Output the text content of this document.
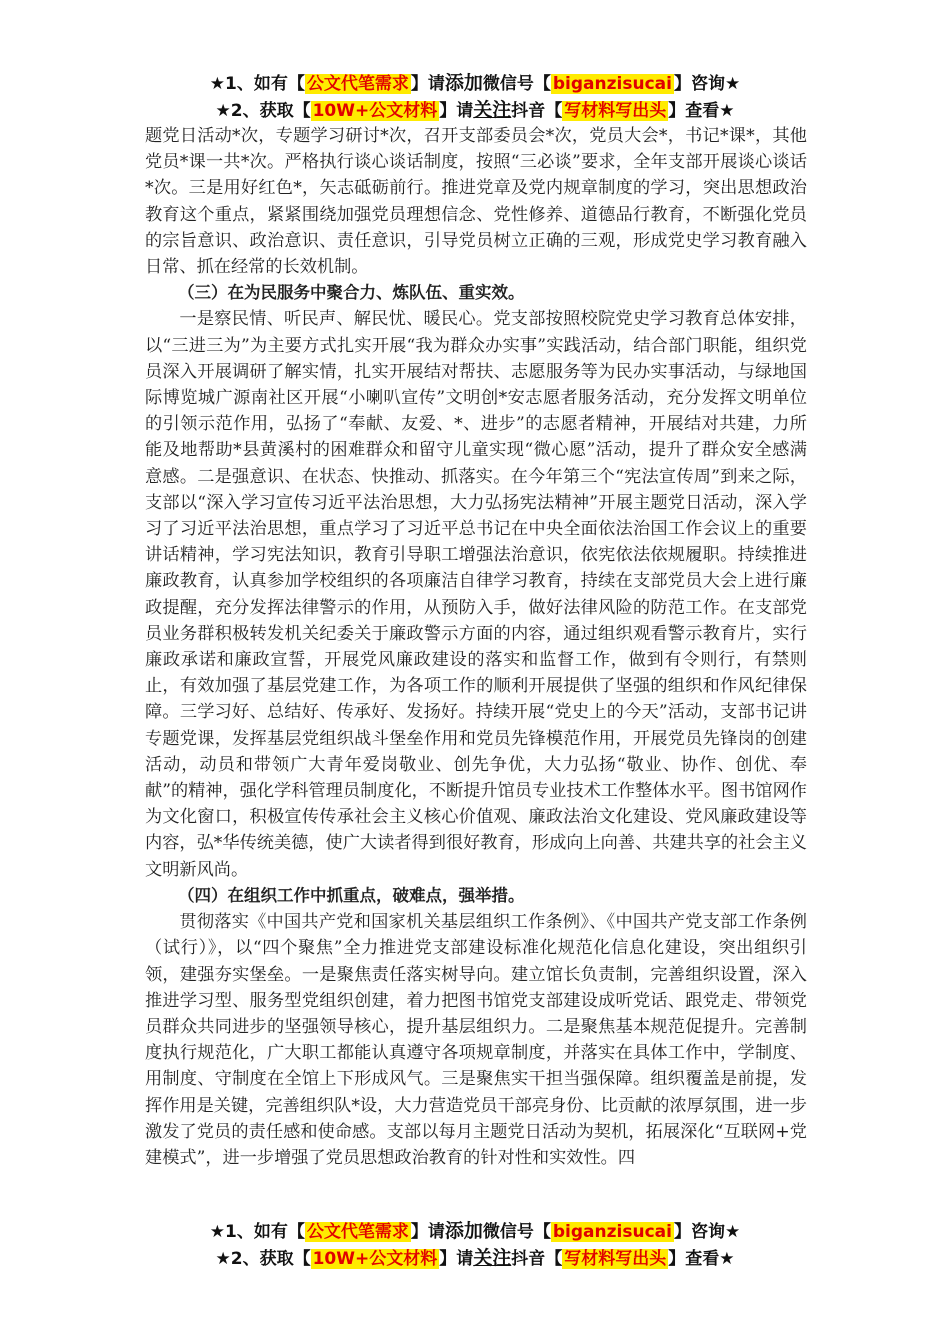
★1、如有【 公文代笔需求 】请添加微信号【 biganzisucai 】咨询★
★2、获取【 10W+公文材料 】请关注抖音【 写材料写出头 】查看★

题党日活动*次，专题学习研讨*次，召开支部委员会*次，党员大会*，书记*课*，其他党员*课一共*次。严格执行谈心谈话制度，按照“三必谈”要求，全年支部开展谈心谈话*次。三是用好红色*，矢志砥砺前行。推进党章及党内规章制度的学习，突出思想政治教育这个重点，紧紧围绕加强党员理想信念、党性修养、道德品行教育，不断强化党员的宗旨意识、政治意识、责任意识，引导党员树立正确的三观，形成党史学习教育融入日常、抓在经常的长效机制。

（三）在为民服务中聚合力、炼队伍、重实效。

一是察民情、听民声、解民忧、暖民心。党支部按照校院党史学习教育总体安排，以“三进三为”为主要方式扎实开展“我为群众办实事”实践活动，结合部门职能，组织党员深入开展调研了解实情，扎实开展结对帮扶、志愿服务等为民办实事活动，与绿地国际博览城广源南社区开展“小喇叭宣传”文明创*安志愿者服务活动，充分发挥文明单位的引领示范作用，弘扬了“奉献、友爱、*、进步”的志愿者精神，开展结对共建，力所能及地帮助*县黄溪村的困难群众和留守儿童实现“微心愿”活动，提升了群众安全感满意感。二是强意识、在状态、快推动、抓落实。在今年第三个“宪法宣传周”到来之际，支部以“深入学习宣传习近平法治思想，大力弘扬宪法精神”开展主题党日活动，深入学习了习近平法治思想，重点学习了习近平总书记在中央全面依法治国工作会议上的重要讲话精神，学习宪法知识，教育引导职工增强法治意识，依宪依法依规履职。持续推进廉政教育，认真参加学校组织的各项廉洁自律学习教育，持续在支部党员大会上进行廉政提醒，充分发挥法律警示的作用，从预防入手，做好法律风险的防范工作。在支部党员业务群积极转发机关纪委关于廉政警示方面的内容，通过组织观看警示教育片，实行廉政承诺和廉政宣誓，开展党风廉政建设的落实和监督工作，做到有令则行，有禁则止，有效加强了基层党建工作，为各项工作的顺利开展提供了坚强的组织和作风纪律保障。三学习好、总结好、传承好、发扬好。持续开展“党史上的今天”活动，支部书记讲专题党课，发挥基层党组织战斗堡垒作用和党员先锋模范作用，开展党员先锋岗的创建活动，动员和带领广大青年爱岗敬业、创先争优，大力弘扬“敬业、协作、创优、奉献”的精神，强化学科管理员制度化，不断提升馆员专业技术工作整体水平。图书馆网作为文化窗口，积极宣传传承社会主义核心价值观、廉政法治文化建设、党风廉政建设等内容，弘*华传统美德，使广大读者得到很好教育，形成向上向善、共建共享的社会主义文明新风尚。

（四）在组织工作中抓重点，破难点，强举措。

贯彻落实《中国共产党和国家机关基层组织工作条例》、《中国共产党支部工作条例（试行）》，以“四个聚焦”全力推进党支部建设标准化规范化信息化建设，突出组织引领，建强夯实堡垒。一是聚焦责任落实树导向。建立馆长负责制，完善组织设置，深入推进学习型、服务型党组织创建，着力把图书馆党支部建设成听党话、跟党走、带领党员群众共同进步的坚强领导核心，提升基层组织力。二是聚焦基本规范促提升。完善制度执行规范化，广大职工都能认真遵守各项规章制度，并落实在具体工作中，学制度、用制度、守制度在全馆上下形成风气。三是聚焦实干担当强保障。组织覆盖是前提，发挥作用是关键，完善组织队*设，大力营造党员干部亮身份、比贡献的浓厚氛围，进一步激发了党员的责任感和使命感。支部以每月主题党日活动为契机，拓展深化“互联网+党建模式”，进一步增强了党员思想政治教育的针对性和实效性。四

★1、如有【 公文代笔需求 】请添加微信号【 biganzisucai 】咨询★
★2、获取【 10W+公文材料 】请关注抖音【 写材料写出头 】查看★
